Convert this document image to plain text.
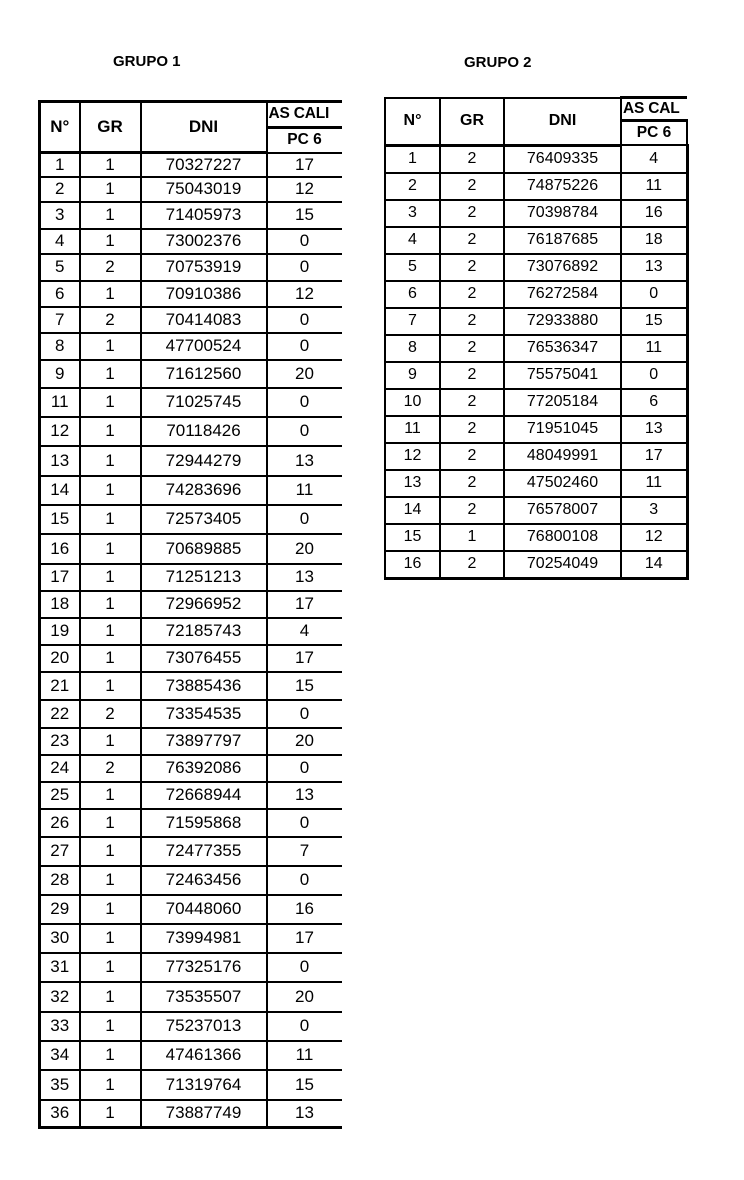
GRUPO 1	GRUPO 2
N°	GR	DNI	AS CALI
			PC 6
1	1	70327227	17
2	1	75043019	12
3	1	71405973	15
4	1	73002376	0
5	2	70753919	0
6	1	70910386	12
7	2	70414083	0
8	1	47700524	0
9	1	71612560	20
11	1	71025745	0
12	1	70118426	0
13	1	72944279	13
14	1	74283696	11
15	1	72573405	0
16	1	70689885	20
17	1	71251213	13
18	1	72966952	17
19	1	72185743	4
20	1	73076455	17
21	1	73885436	15
22	2	73354535	0
23	1	73897797	20
24	2	76392086	0
25	1	72668944	13
26	1	71595868	0
27	1	72477355	7
28	1	72463456	0
29	1	70448060	16
30	1	73994981	17
31	1	77325176	0
32	1	73535507	20
33	1	75237013	0
34	1	47461366	11
35	1	71319764	15
36	1	73887749	13
N°	GR	DNI	AS CAL
			PC 6
1	2	76409335	4
2	2	74875226	11
3	2	70398784	16
4	2	76187685	18
5	2	73076892	13
6	2	76272584	0
7	2	72933880	15
8	2	76536347	11
9	2	75575041	0
10	2	77205184	6
11	2	71951045	13
12	2	48049991	17
13	2	47502460	11
14	2	76578007	3
15	1	76800108	12
16	2	70254049	14
